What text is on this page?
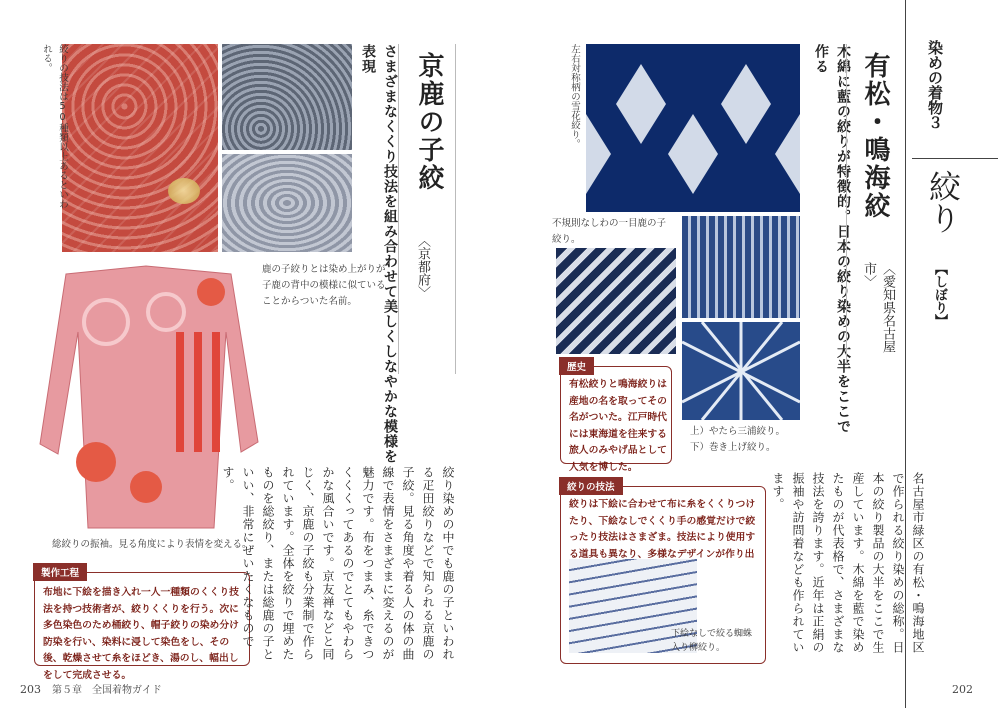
絞りの技法は50種類以上あるといわれる。
鹿の子絞りとは染め上がりが子鹿の背中の模様に似ていることからついた名前。
総絞りの振袖。見る角度により表情を変える。
製作工程
布地に下絵を描き入れ一人一種類のくくり技法を持つ技術者が、絞りくくりを行う。次に多色染色のため桶絞り、帽子絞りの染め分け防染を行い、染料に浸して染色をし、その後、乾燥させて糸をほどき、湯のし、幅出しをして完成させる。
絞り染めの中でも鹿の子といわれる疋田絞りなどで知られる京鹿の子絞。見る角度や着る人の体の曲線で表情をさまざまに変えるのが魅力です。布をつまみ、糸できつくくくってあるのでとてもやわらかな風合いです。京友禅などと同じく、京鹿の子絞も分業制で作られています。全体を絞りで埋めたものを総絞り、または総鹿の子といい、非常にぜいたくなものです。
さまざまなくくり技法を組み合わせて美しくしなやかな模様を表現	京鹿の子絞
〈京都府〉
203 第５章　全国着物ガイド
左右対称柄の雪花絞り。
不規則なしわの一目鹿の子絞り。
上）やたら三浦絞り。下）巻き上げ絞り。
歴史
有松絞りと鳴海絞りは産地の名を取ってその名がついた。江戸時代には東海道を往来する旅人のみやげ品として人気を博した。
絞りの技法
絞りは下絵に合わせて布に糸をくくりつけたり、下絵なしでくくり手の感覚だけで絞ったり技法はさまざま。技法により使用する道具も異なり、多様なデザインが作り出
下絵なしで絞る蜘蛛入り柳絞り。
木綿に藍の絞りが特徴的。日本の絞り染めの大半をここで作る	有松・鳴海絞
〈愛知県名古屋市〉
名古屋市緑区の有松・鳴海地区で作られる絞り染めの総称。日本の絞り製品の大半をここで生産しています。木綿を藍で染めたものが代表格で、さまざまな技法を誇ります。近年は正絹の振袖や訪問着なども作られています。
染めの着物３
絞り
【しぼり】
202
